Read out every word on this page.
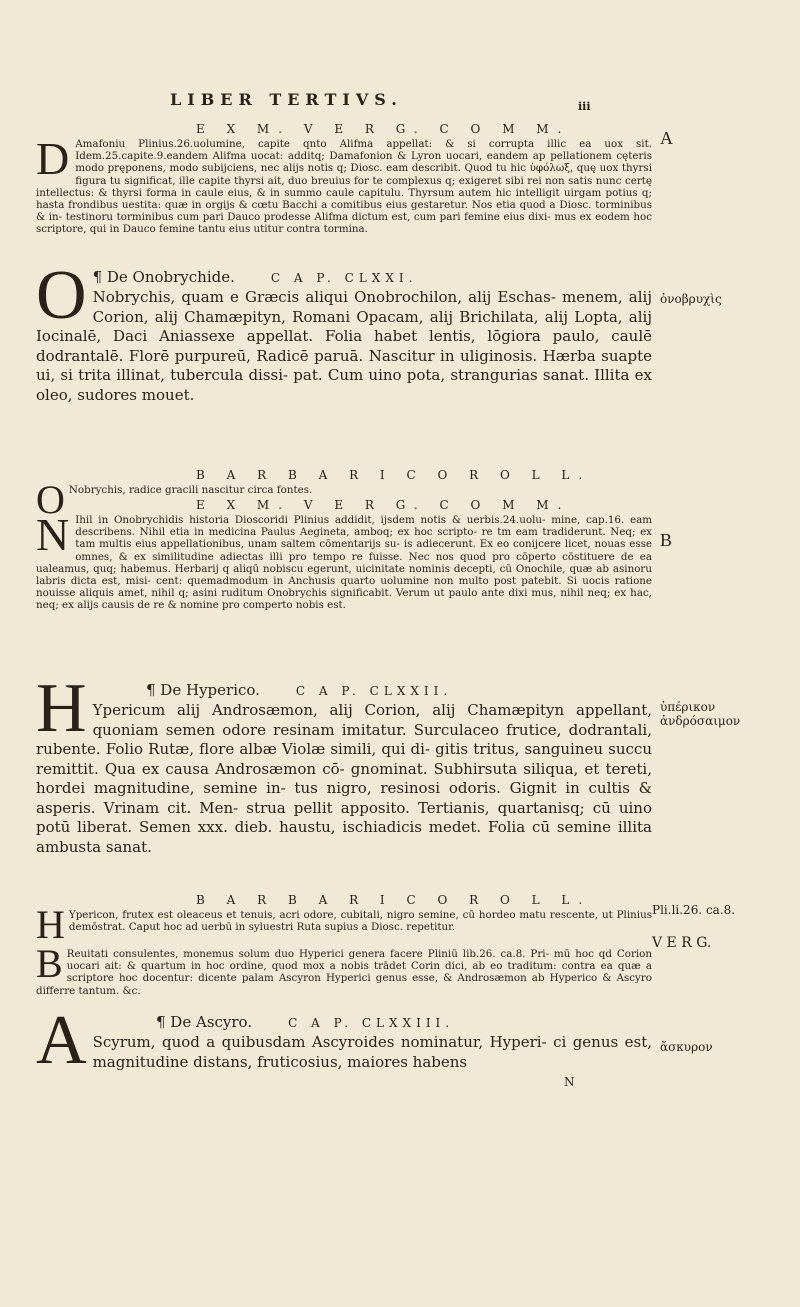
LIBER TERTIVS.	iii
E X M. V E R G. C O M M.
D Amafoniu Plinius.26.uolumine, capite qnto Alifma appellat: & si corrupta illic ea uox sit. Idem.25.capite.9.eandem Alifma uocat: additq; Damafonion & Lyron uocari, eandem ap pellationem cęteris modo pręponens, modo subijciens, nec alijs notis q; Diosc. eam describit. Quod tu hic ὑφόλωξ, quę uox thyrsi figura tu significat, ille capite thyrsi ait, duo breuius for te complexus q; exigeret sibi rei non satis nunc certę intellectus: & thyrsi forma in caule eius, & in summo caule capitulu. Thyrsum autem hic intelligit uirgam potius q; hasta frondibus uestita: quæ in orgijs & cœtu Bacchi a comitibus eius gestaretur. Nos etia quod a Diosc. torminibus & in- testinoru torminibus cum pari Dauco prodesse Alifma dictum est, cum pari femine eius dixi- mus ex eodem hoc scriptore, qui in Dauco femine tantu eius utitur contra tormina.

O ¶ De Onobrychide.	C A P. CLXXI.

Nobrychis, quam e Græcis aliqui Onobrochilon, alij Eschas- menem, alij Corion, alij Chamæpityn, Romani Opacam, alij Brichilata, alij Lopta, alij Iocinalē, Daci Aniassexe appellat. Folia habet lentis, lōgiora paulo, caulē dodrantalē. Florē purpureū, Radicē paruā. Nascitur in uliginosis. Hærba suapte ui, si trita illinat, tubercula dissi- pat. Cum uino pota, strangurias sanat. Illita ex oleo, sudores mouet.

B A R B A R I C O R O L L.
O Nobrychis, radice gracili nascitur circa fontes.

E X M. V E R G. C O M M.
N Ihil in Onobrychidis historia Dioscoridi Plinius addidit, ijsdem notis & uerbis.24.uolu- mine, cap.16. eam describens. Nihil etia in medicina Paulus Aegineta, amboq; ex hoc scripto- re tm eam tradiderunt. Neq; ex tam multis eius appellationibus, unam saltem cōmentarijs su- is adiecerunt. Ex eo conijcere licet, nouas esse omnes, & ex similitudine adiectas illi pro tempo re fuisse. Nec nos quod pro cōperto cōstituere de ea ualeamus, quq; habemus. Herbarij q aliqū nobiscu egerunt, uicinitate nominis decepti, cū Onochile, quæ ab asinoru labris dicta est, misi- cent: quemadmodum in Anchusis quarto uolumine non multo post patebit. Si uocis ratione nouisse aliquis amet, nihil q; asini ruditum Onobrychis significabit. Verum ut paulo ante dixi mus, nihil neq; ex hac, neq; ex alijs causis de re & nomine pro comperto nobis est.

H	¶ De Hyperico.	C A P. CLXXII.

Ypericum alij Androsæmon, alij Corion, alij Chamæpityn appellant, quoniam semen odore resinam imitatur. Surculaceo frutice, dodrantali, rubente. Folio Rutæ, flore albæ Violæ simili, qui di- gitis tritus, sanguineu succu remittit. Qua ex causa Androsæmon cō- gnominat. Subhirsuta siliqua, et tereti, hordei magnitudine, semine in- tus nigro, resinosi odoris. Gignit in cultis & asperis. Vrinam cit. Men- strua pellit apposito. Tertianis, quartanisq; cū uino potū liberat. Semen xxx. dieb. haustu, ischiadicis medet. Folia cū semine illita ambusta sanat.

B A R B A R I C O R O L L.
H Ypericon, frutex est oleaceus et tenuis, acri odore, cubitali, nigro semine, cū hordeo matu rescente, ut Plinius demōstrat. Caput hoc ad uerbū in syluestri Ruta supius a Diosc. repetitur.

B Reuitati consulentes, monemus solum duo Hyperici genera facere Pliniū lib.26. ca.8. Pri- mū hoc qd Corion uocari ait: & quartum in hoc ordine, quod mox a nobis trādet Corin dici, ab eo traditum: contra ea quæ a scriptore hoc docentur: dicente palam Ascyron Hyperici genus esse, & Androsæmon ab Hyperico & Ascyro differre tantum. &c.

A	¶ De Ascyro.	C A P. CLXXIII.

Scyrum, quod a quibusdam Ascyroides nominatur, Hyperi- ci genus est, magnitudine distans, fruticosius, maiores habens

N
A
ὀνοβρυχὶς
B
ὑπέρικον ἀνδρόσαιμον
Pli.li.26. ca.8.
V E R G.
ἄσκυρον
